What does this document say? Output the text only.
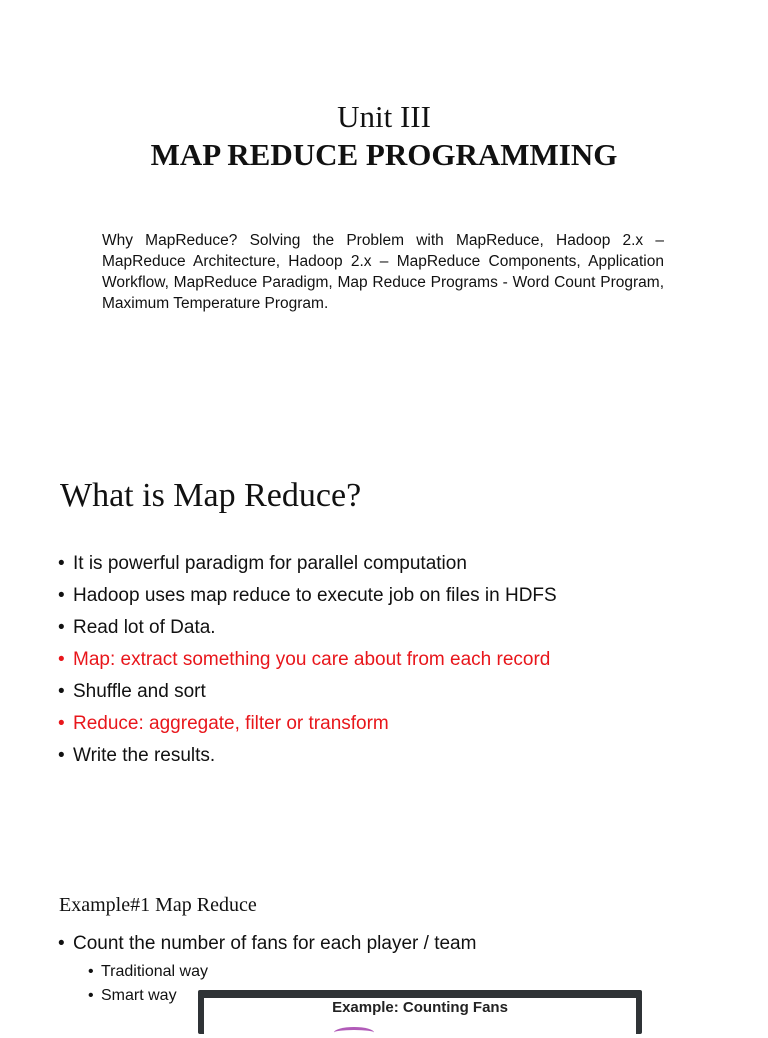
Unit III
MAP REDUCE PROGRAMMING
Why MapReduce? Solving the Problem with MapReduce, Hadoop 2.x – MapReduce Architecture, Hadoop 2.x – MapReduce Components, Application Workflow, MapReduce Paradigm, Map Reduce Programs - Word Count Program, Maximum Temperature Program.
What is Map Reduce?
• It is powerful paradigm for parallel computation
• Hadoop uses map reduce to execute job on files in HDFS
• Read lot of Data.
• Map: extract something you care about from each record
• Shuffle and sort
• Reduce: aggregate, filter or transform
• Write the results.
Example#1 Map Reduce
• Count the number of fans for each player / team
• Traditional way
• Smart way
Example: Counting Fans
